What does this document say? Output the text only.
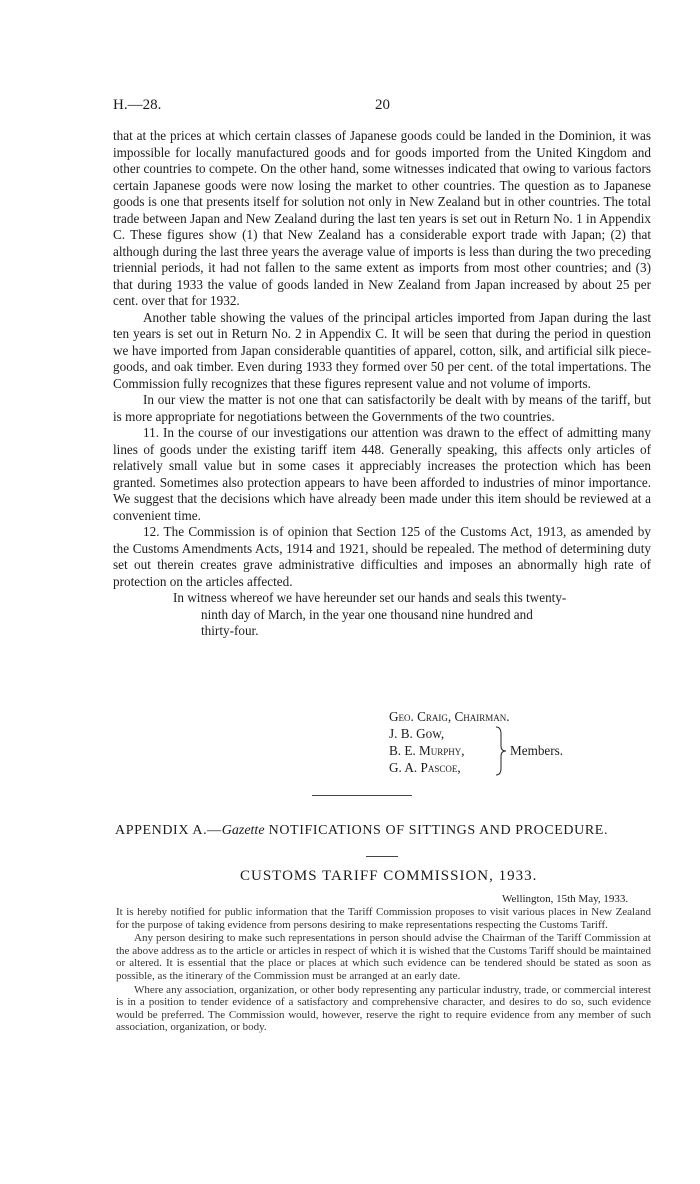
H.—28.	20

that at the prices at which certain classes of Japanese goods could be landed in the Dominion, it was impossible for locally manufactured goods and for goods imported from the United Kingdom and other countries to compete. On the other hand, some witnesses indicated that owing to various factors certain Japanese goods were now losing the market to other countries. The question as to Japanese goods is one that presents itself for solution not only in New Zealand but in other countries. The total trade between Japan and New Zealand during the last ten years is set out in Return No. 1 in Appendix C. These figures show (1) that New Zealand has a considerable export trade with Japan; (2) that although during the last three years the average value of imports is less than during the two preceding triennial periods, it had not fallen to the same extent as imports from most other countries; and (3) that during 1933 the value of goods landed in New Zealand from Japan increased by about 25 per cent. over that for 1932.

Another table showing the values of the principal articles imported from Japan during the last ten years is set out in Return No. 2 in Appendix C. It will be seen that during the period in question we have imported from Japan considerable quantities of apparel, cotton, silk, and artificial silk piece-goods, and oak timber. Even during 1933 they formed over 50 per cent. of the total impertations. The Commission fully recognizes that these figures represent value and not volume of imports.

In our view the matter is not one that can satisfactorily be dealt with by means of the tariff, but is more appropriate for negotiations between the Governments of the two countries.

11. In the course of our investigations our attention was drawn to the effect of admitting many lines of goods under the existing tariff item 448. Generally speaking, this affects only articles of relatively small value but in some cases it appreciably increases the protection which has been granted. Sometimes also protection appears to have been afforded to industries of minor importance. We suggest that the decisions which have already been made under this item should be reviewed at a convenient time.

12. The Commission is of opinion that Section 125 of the Customs Act, 1913, as amended by the Customs Amendments Acts, 1914 and 1921, should be repealed. The method of determining duty set out therein creates grave administrative difficulties and imposes an abnormally high rate of protection on the articles affected.

In witness whereof we have hereunder set our hands and seals this twenty-
ninth day of March, in the year one thousand nine hundred and
thirty-four.

Geo. Craig, Chairman.
J. B. Gow,
B. E. Murphy,
G. A. Pascoe,
Members.
APPENDIX A.—Gazette NOTIFICATIONS OF SITTINGS AND PROCEDURE.
CUSTOMS TARIFF COMMISSION, 1933.
Wellington, 15th May, 1933.

It is hereby notified for public information that the Tariff Commission proposes to visit various places in New Zealand for the purpose of taking evidence from persons desiring to make representations respecting the Customs Tariff.

Any person desiring to make such representations in person should advise the Chairman of the Tariff Commission at the above address as to the article or articles in respect of which it is wished that the Customs Tariff should be maintained or altered. It is essential that the place or places at which such evidence can be tendered should be stated as soon as possible, as the itinerary of the Commission must be arranged at an early date.

Where any association, organization, or other body representing any particular industry, trade, or commercial interest is in a position to tender evidence of a satisfactory and comprehensive character, and desires to do so, such evidence would be preferred. The Commission would, however, reserve the right to require evidence from any member of such association, organization, or body.
